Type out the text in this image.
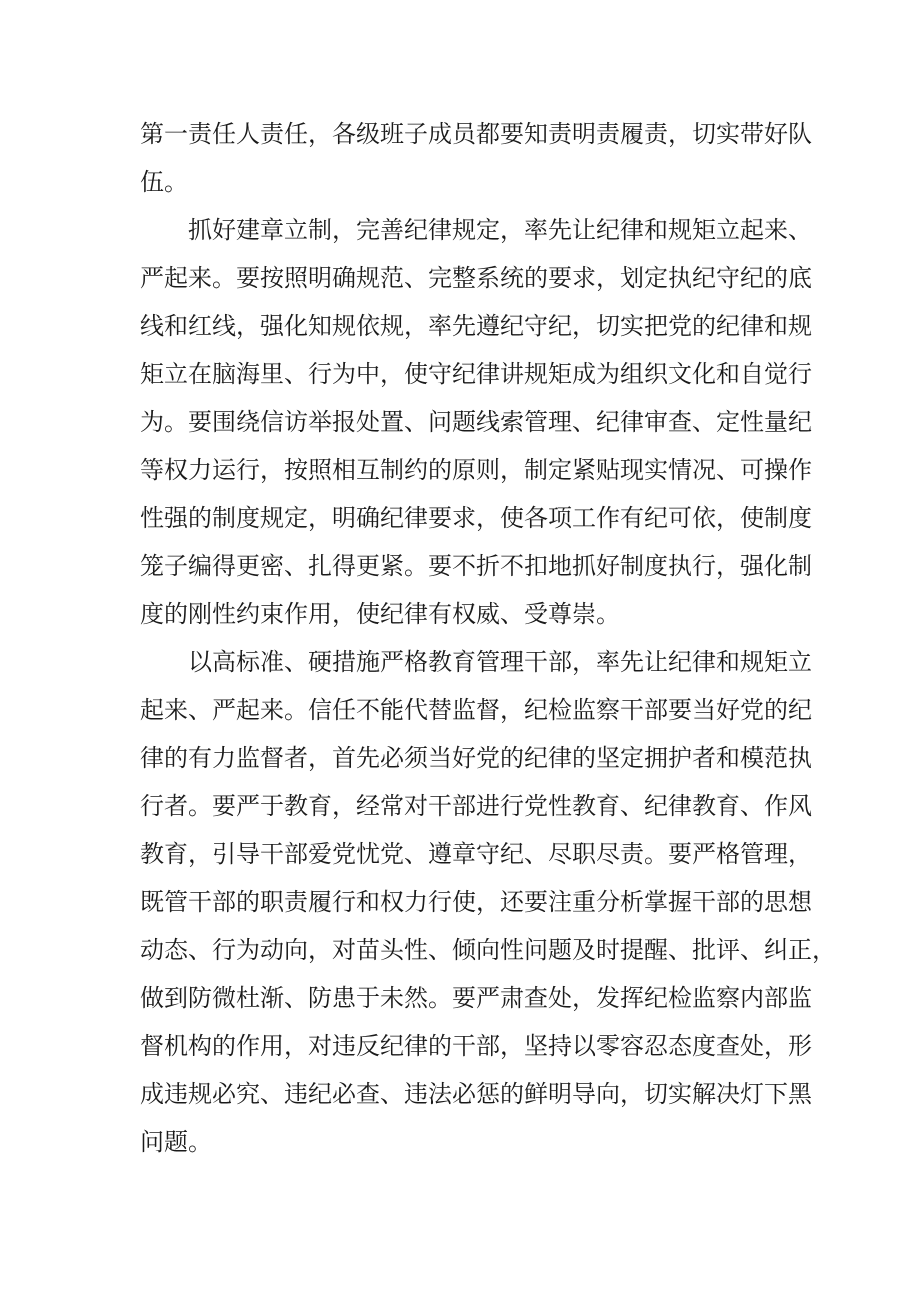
第一责任人责任，各级班子成员都要知责明责履责，切实带好队
伍。
抓好建章立制，完善纪律规定，率先让纪律和规矩立起来、
严起来。要按照明确规范、完整系统的要求，划定执纪守纪的底
线和红线，强化知规依规，率先遵纪守纪，切实把党的纪律和规
矩立在脑海里、行为中，使守纪律讲规矩成为组织文化和自觉行
为。要围绕信访举报处置、问题线索管理、纪律审查、定性量纪
等权力运行，按照相互制约的原则，制定紧贴现实情况、可操作
性强的制度规定，明确纪律要求，使各项工作有纪可依，使制度
笼子编得更密、扎得更紧。要不折不扣地抓好制度执行，强化制
度的刚性约束作用，使纪律有权威、受尊崇。
以高标准、硬措施严格教育管理干部，率先让纪律和规矩立
起来、严起来。信任不能代替监督，纪检监察干部要当好党的纪
律的有力监督者，首先必须当好党的纪律的坚定拥护者和模范执
行者。要严于教育，经常对干部进行党性教育、纪律教育、作风
教育，引导干部爱党忧党、遵章守纪、尽职尽责。要严格管理，
既管干部的职责履行和权力行使，还要注重分析掌握干部的思想
动态、行为动向，对苗头性、倾向性问题及时提醒、批评、纠正，
做到防微杜渐、防患于未然。要严肃查处，发挥纪检监察内部监
督机构的作用，对违反纪律的干部，坚持以零容忍态度查处，形
成违规必究、违纪必查、违法必惩的鲜明导向，切实解决灯下黑
问题。
